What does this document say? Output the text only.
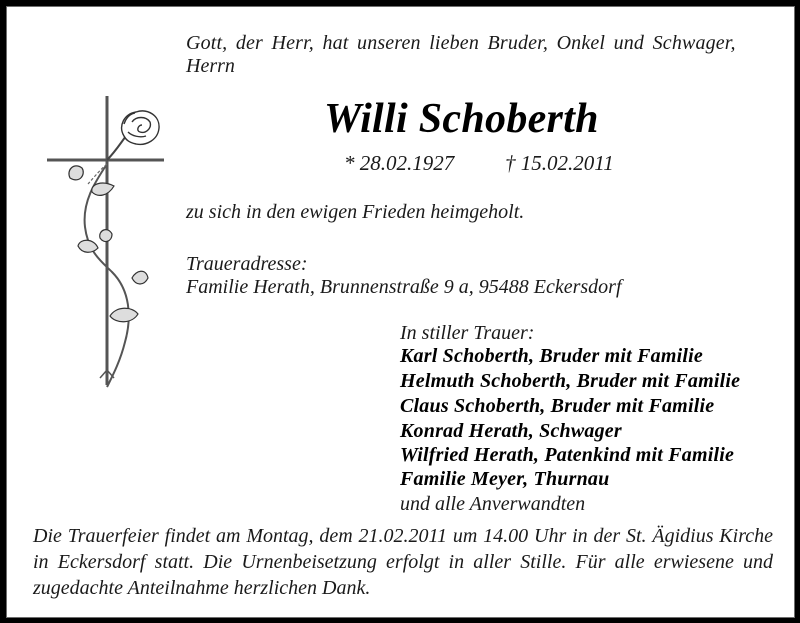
Gott, der Herr, hat unseren lieben Bruder, Onkel und Schwager,
Herrn
Willi Schoberth
* 28.02.1927 † 15.02.2011
zu sich in den ewigen Frieden heimgeholt.
Traueradresse:
Familie Herath, Brunnenstraße 9 a, 95488 Eckersdorf
In stiller Trauer:
Karl Schoberth, Bruder mit Familie
Helmuth Schoberth, Bruder mit Familie
Claus Schoberth, Bruder mit Familie
Konrad Herath, Schwager
Wilfried Herath, Patenkind mit Familie
Familie Meyer, Thurnau
und alle Anverwandten
Die Trauerfeier findet am Montag, dem 21.02.2011 um 14.00 Uhr in der St. Ägidius Kirche in Eckersdorf statt. Die Urnenbeisetzung erfolgt in aller Stille. Für alle erwiesene und zugedachte Anteilnahme herzlichen Dank.
